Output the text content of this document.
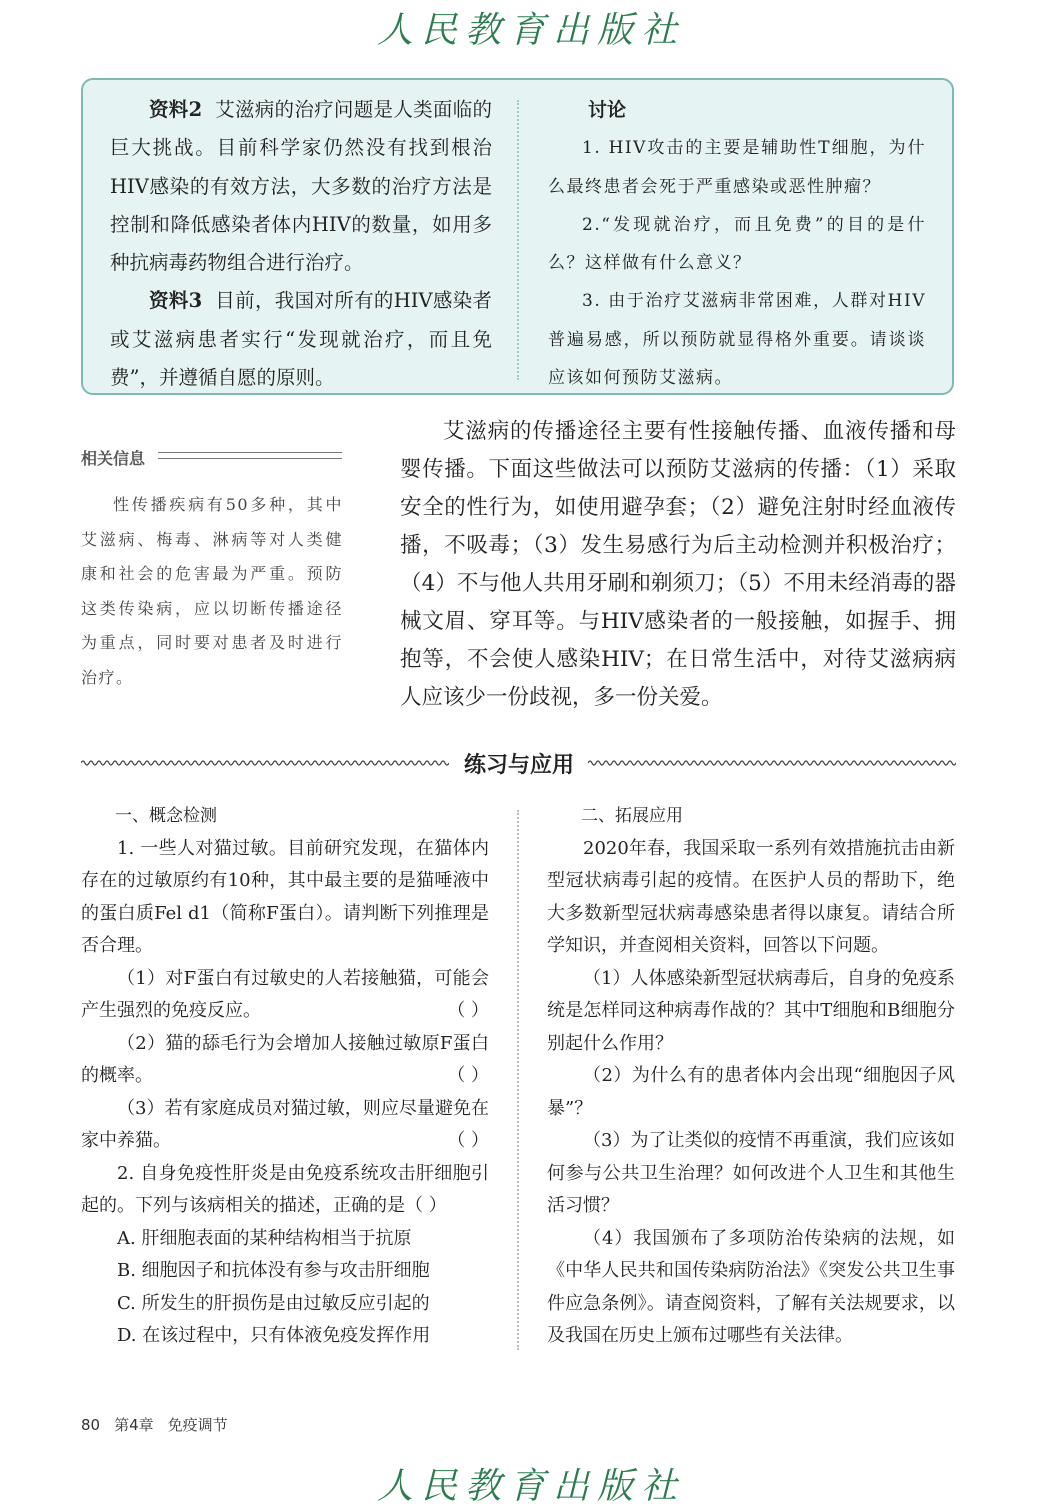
人民教育出版社

资料2 艾滋病的治疗问题是人类面临的巨大挑战。目前科学家仍然没有找到根治HIV感染的有效方法，大多数的治疗方法是控制和降低感染者体内HIV的数量，如用多种抗病毒药物组合进行治疗。

资料3 目前，我国对所有的HIV感染者或艾滋病患者实行“发现就治疗，而且免费”，并遵循自愿的原则。

讨论

1. HIV攻击的主要是辅助性T细胞，为什么最终患者会死于严重感染或恶性肿瘤？

2.“发现就治疗，而且免费”的目的是什么？这样做有什么意义？

3. 由于治疗艾滋病非常困难，人群对HIV普遍易感，所以预防就显得格外重要。请谈谈应该如何预防艾滋病。

相关信息

性传播疾病有50多种，其中艾滋病、梅毒、淋病等对人类健康和社会的危害最为严重。预防这类传染病，应以切断传播途径为重点，同时要对患者及时进行治疗。

艾滋病的传播途径主要有性接触传播、血液传播和母婴传播。下面这些做法可以预防艾滋病的传播：（1）采取安全的性行为，如使用避孕套；（2）避免注射时经血液传播，不吸毒；（3）发生易感行为后主动检测并积极治疗；（4）不与他人共用牙刷和剃须刀；（5）不用未经消毒的器械文眉、穿耳等。与HIV感染者的一般接触，如握手、拥抱等，不会使人感染HIV；在日常生活中，对待艾滋病病人应该少一份歧视，多一份关爱。

练习与应用

一、概念检测

1. 一些人对猫过敏。目前研究发现，在猫体内存在的过敏原约有10种，其中最主要的是猫唾液中的蛋白质Fel d1（简称F蛋白）。请判断下列推理是否合理。

（1）对F蛋白有过敏史的人若接触猫，可能会产生强烈的免疫反应。	（ ）

（2）猫的舔毛行为会增加人接触过敏原F蛋白的概率。	（ ）

（3）若有家庭成员对猫过敏，则应尽量避免在家中养猫。	（ ）

2. 自身免疫性肝炎是由免疫系统攻击肝细胞引起的。下列与该病相关的描述，正确的是（ ）

A. 肝细胞表面的某种结构相当于抗原

B. 细胞因子和抗体没有参与攻击肝细胞

C. 所发生的肝损伤是由过敏反应引起的

D. 在该过程中，只有体液免疫发挥作用

二、拓展应用

2020年春，我国采取一系列有效措施抗击由新型冠状病毒引起的疫情。在医护人员的帮助下，绝大多数新型冠状病毒感染患者得以康复。请结合所学知识，并查阅相关资料，回答以下问题。

（1）人体感染新型冠状病毒后，自身的免疫系统是怎样同这种病毒作战的？其中T细胞和B细胞分别起什么作用？

（2）为什么有的患者体内会出现“细胞因子风暴”？

（3）为了让类似的疫情不再重演，我们应该如何参与公共卫生治理？如何改进个人卫生和其他生活习惯？

（4）我国颁布了多项防治传染病的法规，如《中华人民共和国传染病防治法》《突发公共卫生事件应急条例》。请查阅资料，了解有关法规要求，以及我国在历史上颁布过哪些有关法律。

80 第4章 免疫调节
人民教育出版社
